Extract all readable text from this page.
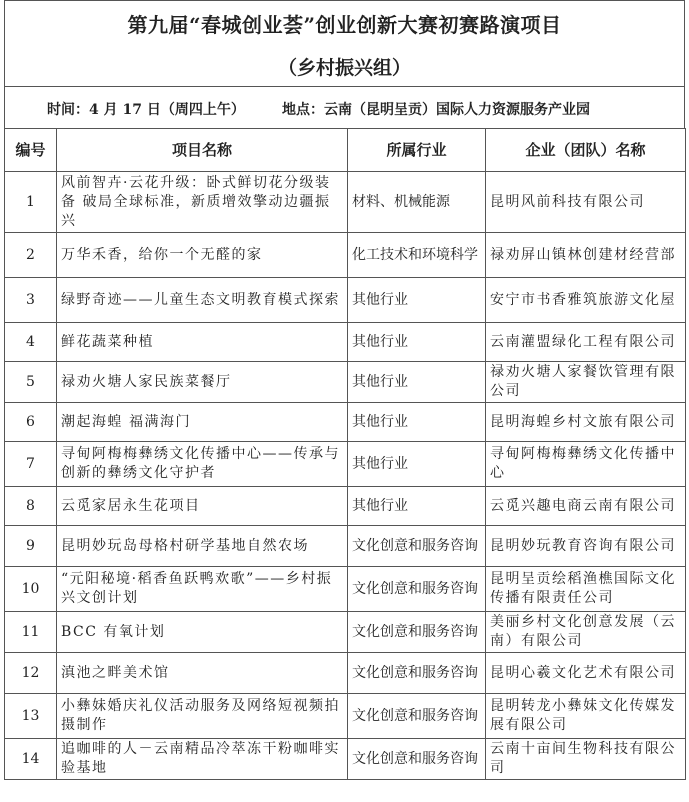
第九届“春城创业荟”创业创新大赛初赛路演项目
（乡村振兴组）
时间：4 月 17 日（周四上午）	地点：云南（昆明呈贡）国际人力资源服务产业园
编号	项目名称	所属行业	企业（团队）名称
1	风前智卉·云花升级：卧式鲜切花分级装备 破局全球标准，新质增效擎动边疆振兴	材料、机械能源	昆明风前科技有限公司
2	万华禾香，给你一个无醛的家	化工技术和环境科学	禄劝屏山镇林创建材经营部
3	绿野奇迹——儿童生态文明教育模式探索	其他行业	安宁市书香雅筑旅游文化屋
4	鲜花蔬菜种植	其他行业	云南灌盟绿化工程有限公司
5	禄劝火塘人家民族菜餐厅	其他行业	禄劝火塘人家餐饮管理有限公司
6	潮起海蝗 福满海门	其他行业	昆明海蝗乡村文旅有限公司
7	寻甸阿梅梅彝绣文化传播中心——传承与创新的彝绣文化守护者	其他行业	寻甸阿梅梅彝绣文化传播中心
8	云觅家居永生花项目	其他行业	云觅兴趣电商云南有限公司
9	昆明妙玩岛母格村研学基地自然农场	文化创意和服务咨询	昆明妙玩教育咨询有限公司
10	“元阳秘境·稻香鱼跃鸭欢歌”——乡村振兴文创计划	文化创意和服务咨询	昆明呈贡绘稻渔樵国际文化传播有限责任公司
11	BCC 有氧计划	文化创意和服务咨询	美丽乡村文化创意发展（云南）有限公司
12	滇池之畔美术馆	文化创意和服务咨询	昆明心羲文化艺术有限公司
13	小彝妹婚庆礼仪活动服务及网络短视频拍摄制作	文化创意和服务咨询	昆明转龙小彝妹文化传媒发展有限公司
14	追咖啡的人－云南精品冷萃冻干粉咖啡实验基地	文化创意和服务咨询	云南十亩间生物科技有限公司
